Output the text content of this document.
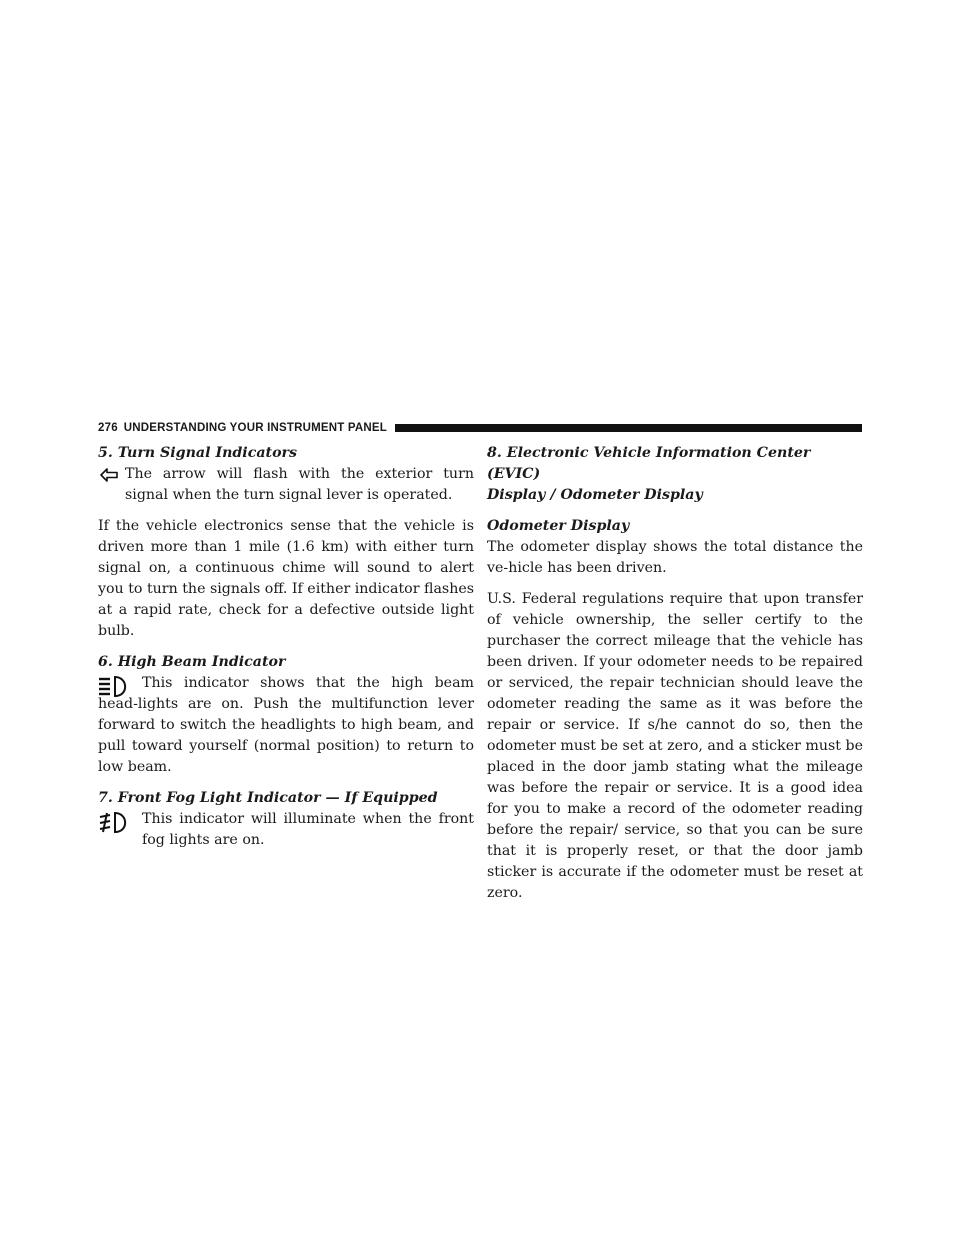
276 UNDERSTANDING YOUR INSTRUMENT PANEL

5. Turn Signal Indicators

The arrow will flash with the exterior turn signal when the turn signal lever is operated.

If the vehicle electronics sense that the vehicle is driven more than 1 mile (1.6 km) with either turn signal on, a continuous chime will sound to alert you to turn the signals off. If either indicator flashes at a rapid rate, check for a defective outside light bulb.

6. High Beam Indicator

This indicator shows that the high beam head-lights are on. Push the multifunction lever forward to switch the headlights to high beam, and pull toward yourself (normal position) to return to low beam.

7. Front Fog Light Indicator — If Equipped

This indicator will illuminate when the front fog lights are on.

8. Electronic Vehicle Information Center (EVIC)

Display / Odometer Display

Odometer Display

The odometer display shows the total distance the ve-hicle has been driven.

U.S. Federal regulations require that upon transfer of vehicle ownership, the seller certify to the purchaser the correct mileage that the vehicle has been driven. If your odometer needs to be repaired or serviced, the repair technician should leave the odometer reading the same as it was before the repair or service. If s/he cannot do so, then the odometer must be set at zero, and a sticker must be placed in the door jamb stating what the mileage was before the repair or service. It is a good idea for you to make a record of the odometer reading before the repair/ service, so that you can be sure that it is properly reset, or that the door jamb sticker is accurate if the odometer must be reset at zero.
